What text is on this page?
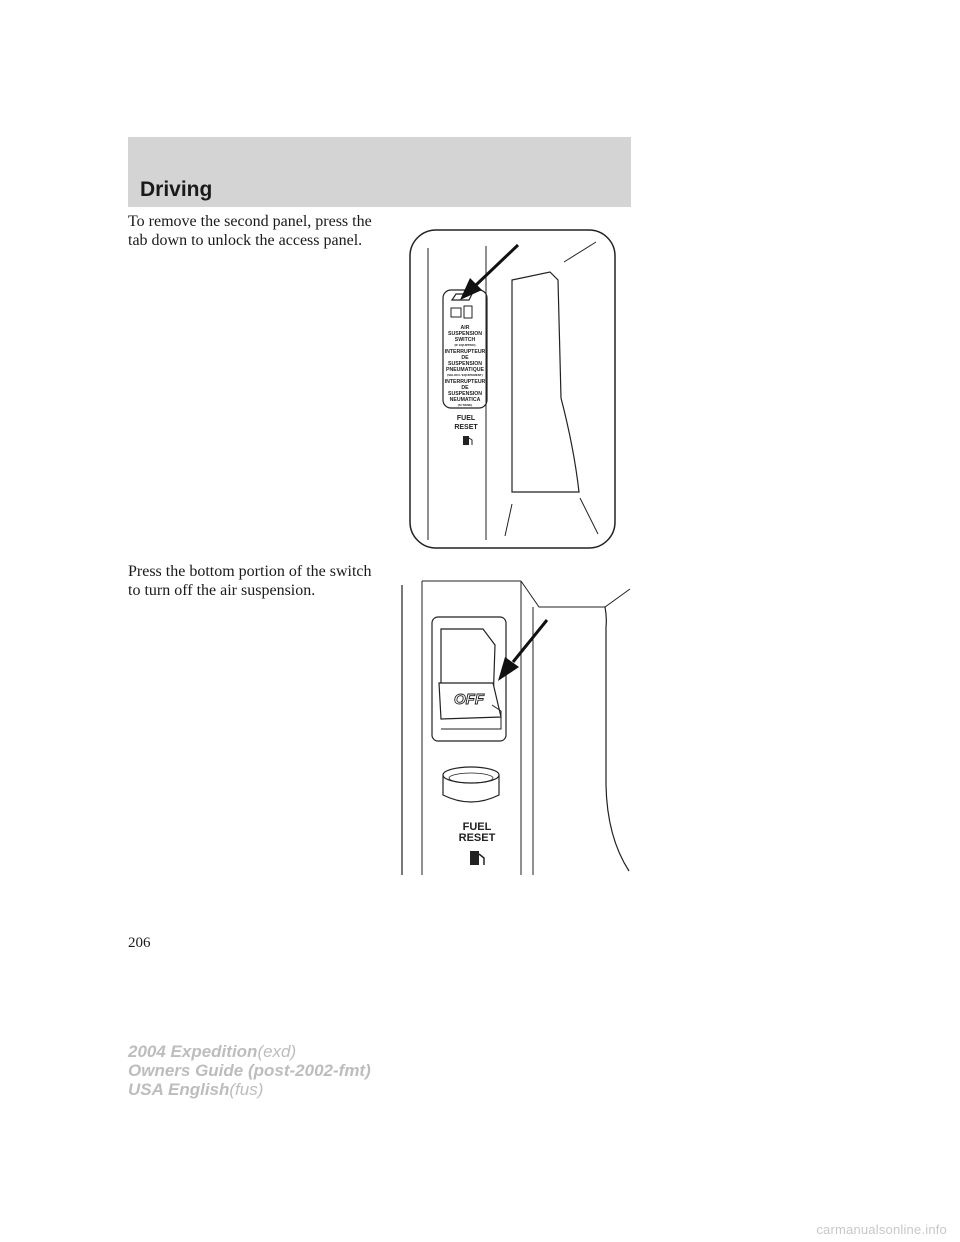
Driving

To remove the second panel, press the tab down to unlock the access panel.

Press the bottom portion of the switch to turn off the air suspension.

AIR
SUSPENSION
SWITCH
(IF EQUIPPED)
INTERRUPTEUR
DE
SUSPENSION
PNEUMATIQUE
(SELON L'EQUIPEMENT)
INTERRUPTEUR
DE
SUSPENSION
NEUMATICA
(SI TIENE)
FUEL
RESET
OFF
FUEL
RESET
206
2004 Expedition(exd)
Owners Guide (post-2002-fmt)
USA English(fus)
carmanualsonline.info
